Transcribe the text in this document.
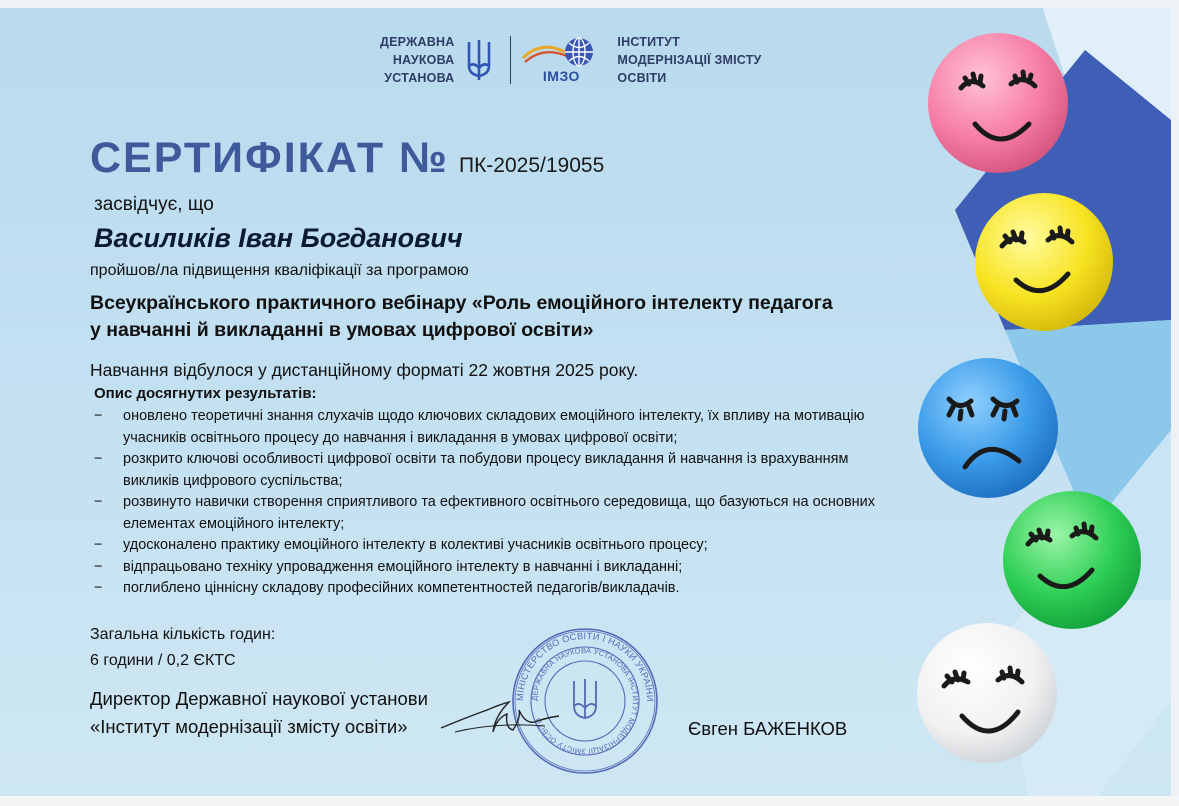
ДЕРЖАВНА
НАУКОВА
УСТАНОВА	ІМЗО
ІНСТИТУТ
МОДЕРНІЗАЦІЇ ЗМІСТУ
ОСВІТИ
СЕРТИФІКАТ № ПК-2025/19055
засвідчує, що
Василиків Іван Богданович
пройшов/ла підвищення кваліфікації за програмою
Всеукраїнського практичного вебінару «Роль емоційного інтелекту педагога
у навчанні й викладанні в умовах цифрової освіти»
Навчання відбулося у дистанційному форматі 22 жовтня 2025 року.
Опис досягнутих результатів:
− оновлено теоретичні знання слухачів щодо ключових складових емоційного інтелекту, їх впливу на мотивацію учасників освітнього процесу до навчання і викладання в умовах цифрової освіти;
− розкрито ключові особливості цифрової освіти та побудови процесу викладання й навчання із врахуванням викликів цифрового суспільства;
− розвинуто навички створення сприятливого та ефективного освітнього середовища, що базуються на основних елементах емоційного інтелекту;
− удосконалено практику емоційного інтелекту в колективі учасників освітнього процесу;
− відпрацьовано техніку упровадження емоційного інтелекту в навчанні і викладанні;
− поглиблено ціннісну складову професійних компетентностей педагогів/викладачів.
Загальна кількість годин:
6 години / 0,2 ЄКТС
МІНІСТЕРСТВО ОСВІТИ І НАУКИ УКРАЇНИ
ДЕРЖАВНА НАУКОВА УСТАНОВА ІНСТИТУТ МОДЕРНІЗАЦІЇ ЗМІСТУ ОСВІТИ
Директор Державної наукової установи
«Інститут модернізації змісту освіти»	Євген БАЖЕНКОВ
